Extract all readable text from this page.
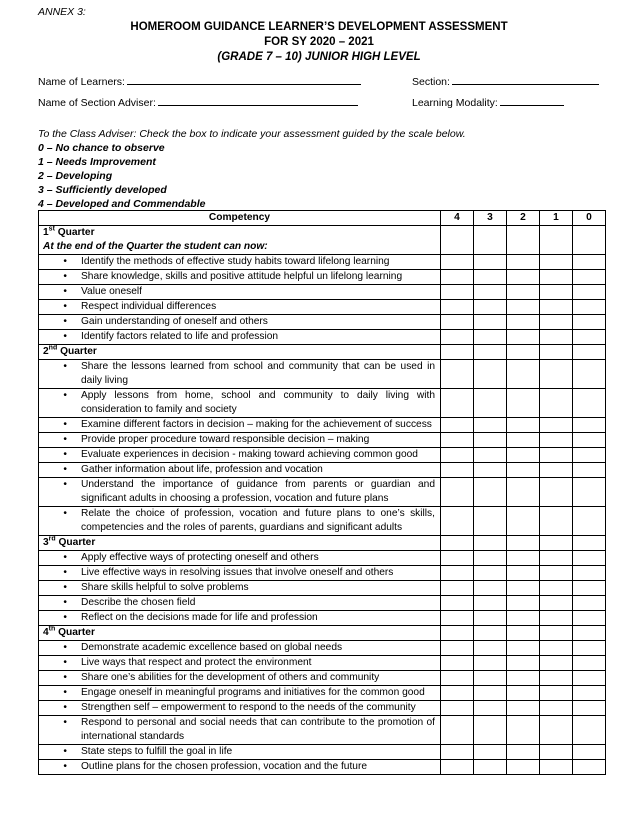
ANNEX 3:
HOMEROOM GUIDANCE LEARNER’S DEVELOPMENT ASSESSMENT
FOR SY 2020 – 2021
(GRADE 7 – 10) JUNIOR HIGH LEVEL
Name of Learners:	Section:
Name of Section Adviser:	Learning Modality:
To the Class Adviser: Check the box to indicate your assessment guided by the scale below.
0 – No chance to observe
1 – Needs Improvement
2 – Developing
3 – Sufficiently developed
4 – Developed and Commendable
Competency	4	3	2	1	0

1st Quarter
At the end of the Quarter the student can now:					

• Identify the methods of effective study habits toward lifelong learning					

• Share knowledge, skills and positive attitude helpful un lifelong learning					

• Value oneself					

• Respect individual differences					

• Gain understanding of oneself and others					

• Identify factors related to life and profession					

2nd Quarter					

• Share the lessons learned from school and community that can be used in daily living					

• Apply lessons from home, school and community to daily living with consideration to family and society					

• Examine different factors in decision – making for the achievement of success					

• Provide proper procedure toward responsible decision – making					

• Evaluate experiences in decision - making toward achieving common good					

• Gather information about life, profession and vocation					

• Understand the importance of guidance from parents or guardian and significant adults in choosing a profession, vocation and future plans					

• Relate the choice of profession, vocation and future plans to one’s skills, competencies and the roles of parents, guardians and significant adults					

3rd Quarter					

• Apply effective ways of protecting oneself and others					

• Live effective ways in resolving issues that involve oneself and others					

• Share skills helpful to solve problems					

• Describe the chosen field					

• Reflect on the decisions made for life and profession					

4th Quarter					

• Demonstrate academic excellence based on global needs					

• Live ways that respect and protect the environment					

• Share one’s abilities for the development of others and community					

• Engage oneself in meaningful programs and initiatives for the common good					

• Strengthen self – empowerment to respond to the needs of the community					

• Respond to personal and social needs that can contribute to the promotion of international standards					

• State steps to fulfill the goal in life					

• Outline plans for the chosen profession, vocation and the future					
